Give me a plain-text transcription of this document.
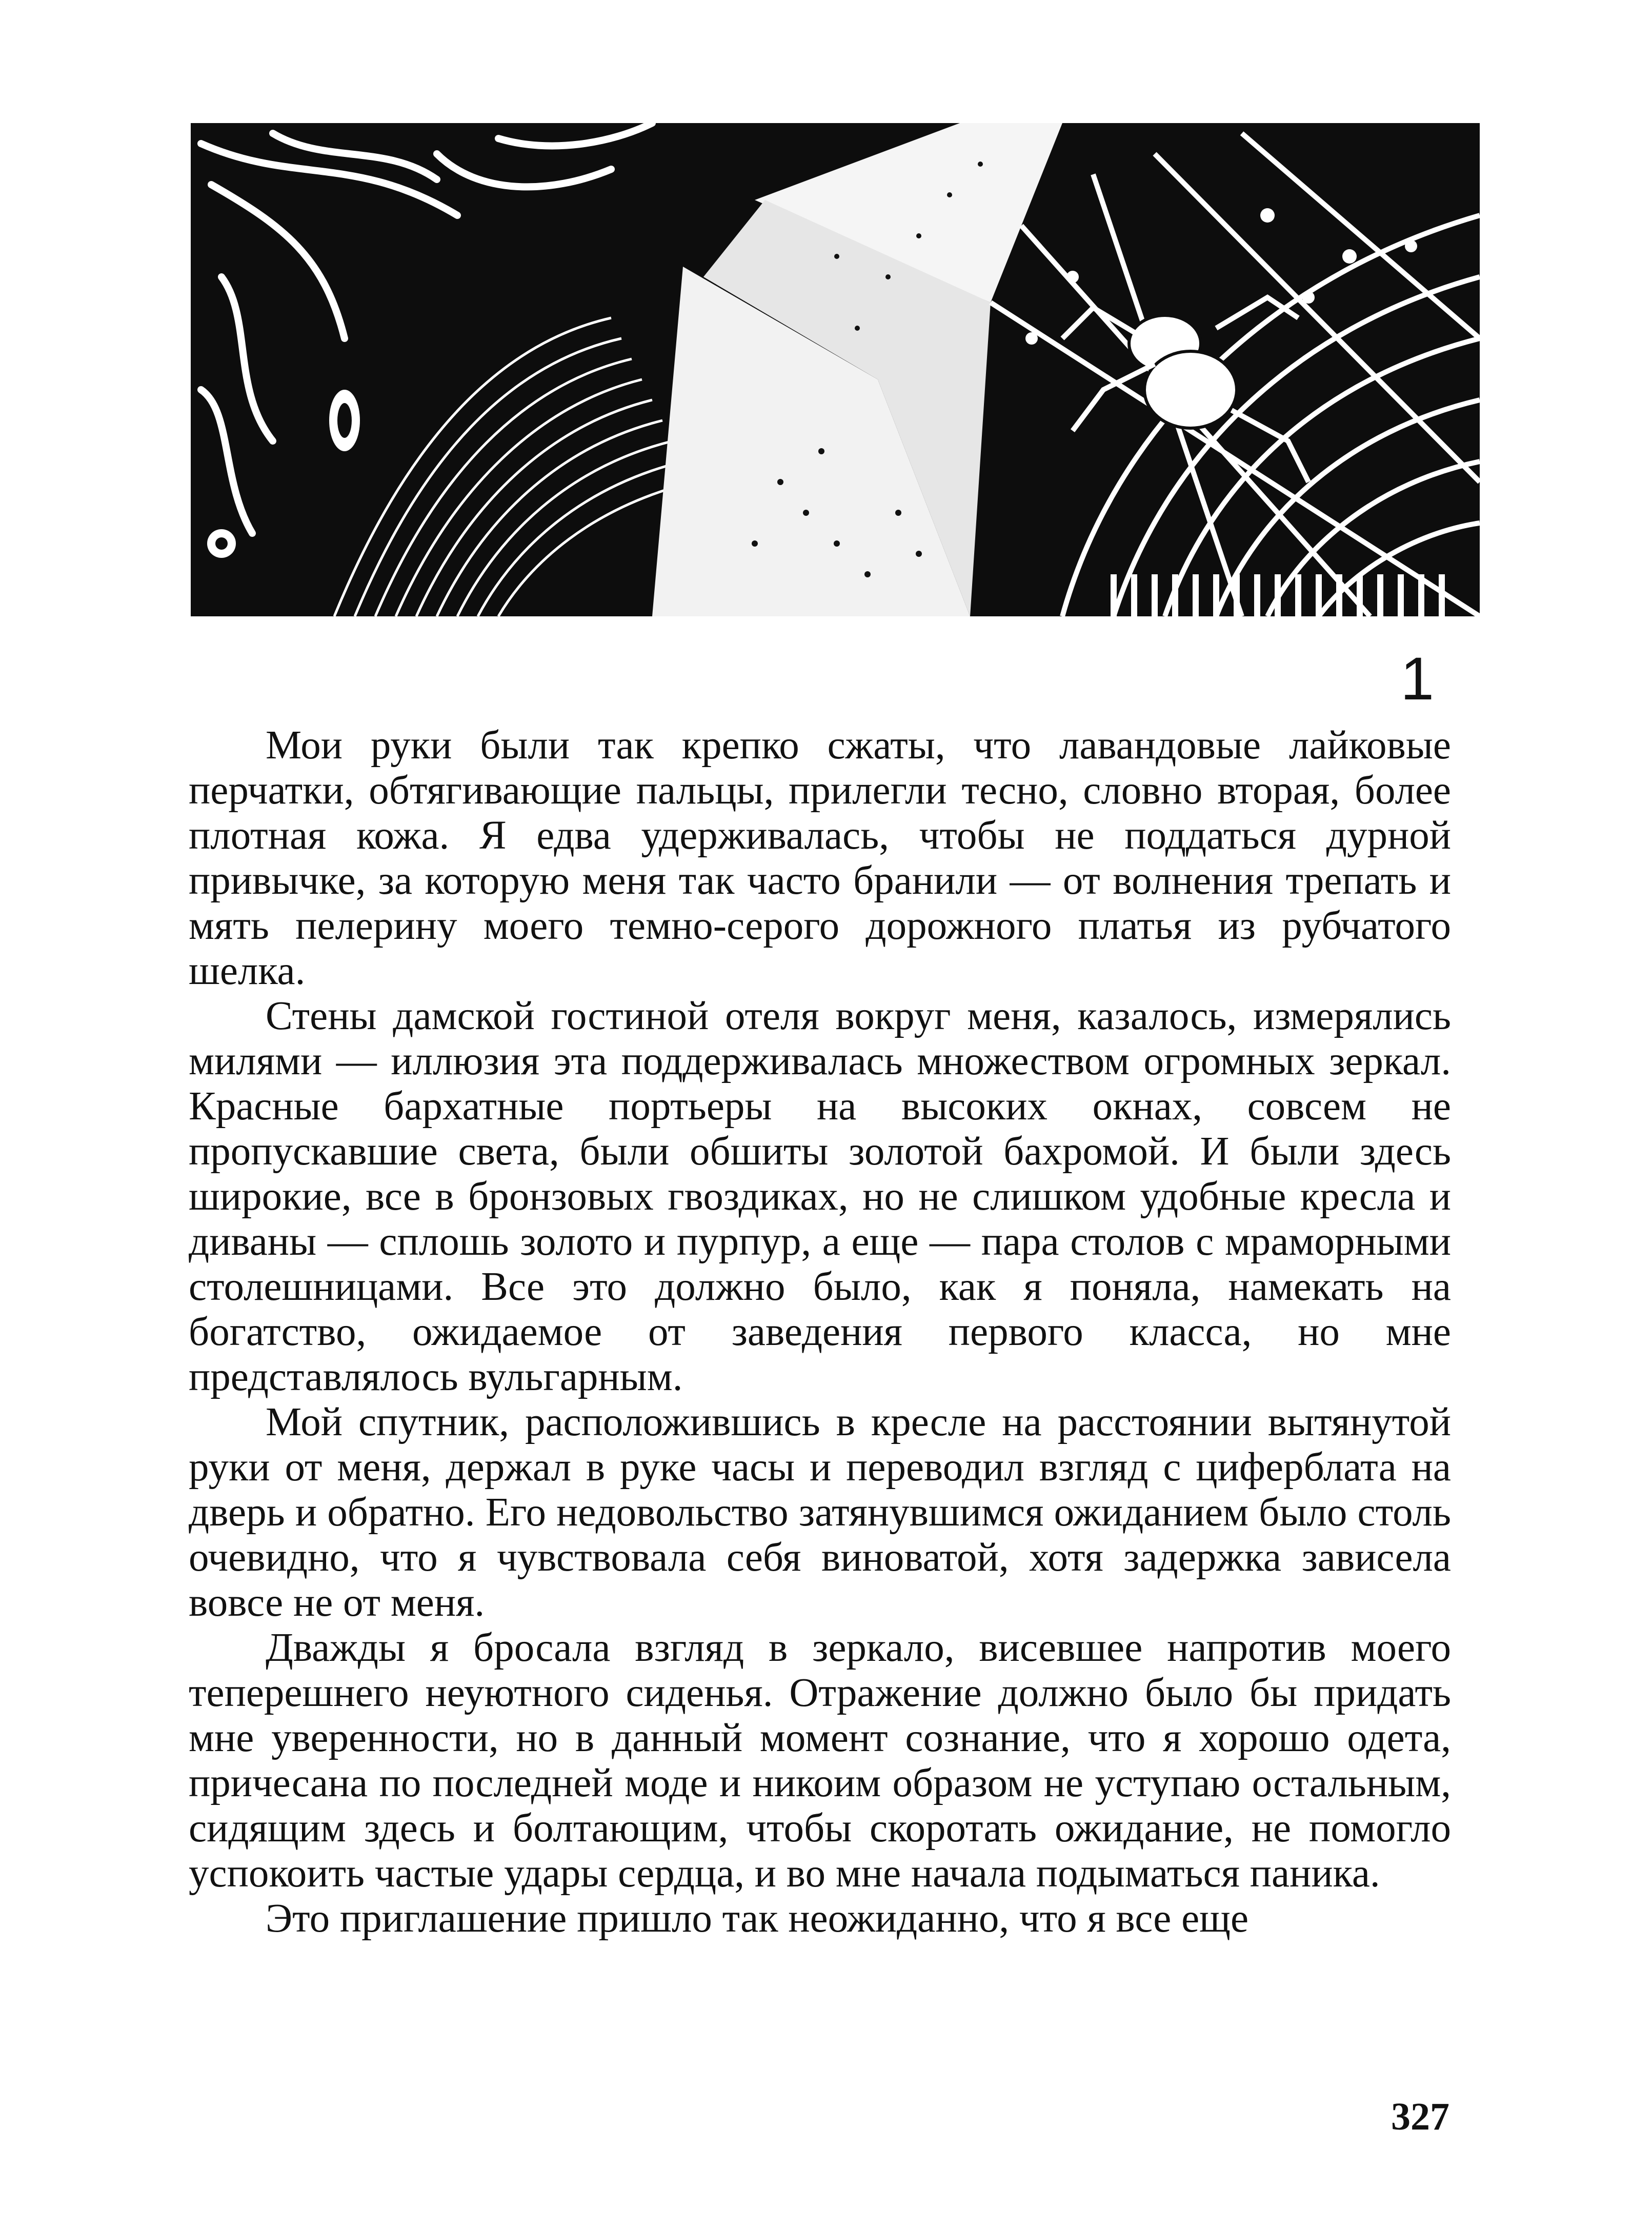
1

Мои руки были так крепко сжаты, что лавандовые лайковые перчатки, обтягивающие пальцы, прилегли тесно, словно вторая, более плотная кожа. Я едва удерживалась, чтобы не поддаться дурной привычке, за которую меня так часто бранили — от волнения трепать и мять пелерину моего темно-серого дорожного платья из рубчатого шелка.

Стены дамской гостиной отеля вокруг меня, казалось, измерялись милями — иллюзия эта поддерживалась множеством огромных зеркал. Красные бархатные портьеры на высоких окнах, совсем не пропускавшие света, были обшиты золотой бахромой. И были здесь широкие, все в бронзовых гвоздиках, но не слишком удобные кресла и диваны — сплошь золото и пурпур, а еще — пара столов с мраморными столешницами. Все это должно было, как я поняла, намекать на богатство, ожидаемое от заведения первого класса, но мне представлялось вульгарным.

Мой спутник, расположившись в кресле на расстоянии вытянутой руки от меня, держал в руке часы и переводил взгляд с циферблата на дверь и обратно. Его недовольство затянувшимся ожиданием было столь очевидно, что я чувствовала себя виноватой, хотя задержка зависела вовсе не от меня.

Дважды я бросала взгляд в зеркало, висевшее напротив моего теперешнего неуютного сиденья. Отражение должно было бы придать мне уверенности, но в данный момент сознание, что я хорошо одета, причесана по последней моде и никоим образом не уступаю остальным, сидящим здесь и болтающим, чтобы скоротать ожидание, не помогло успокоить частые удары сердца, и во мне начала подыматься паника.

Это приглашение пришло так неожиданно, что я все еще

327
